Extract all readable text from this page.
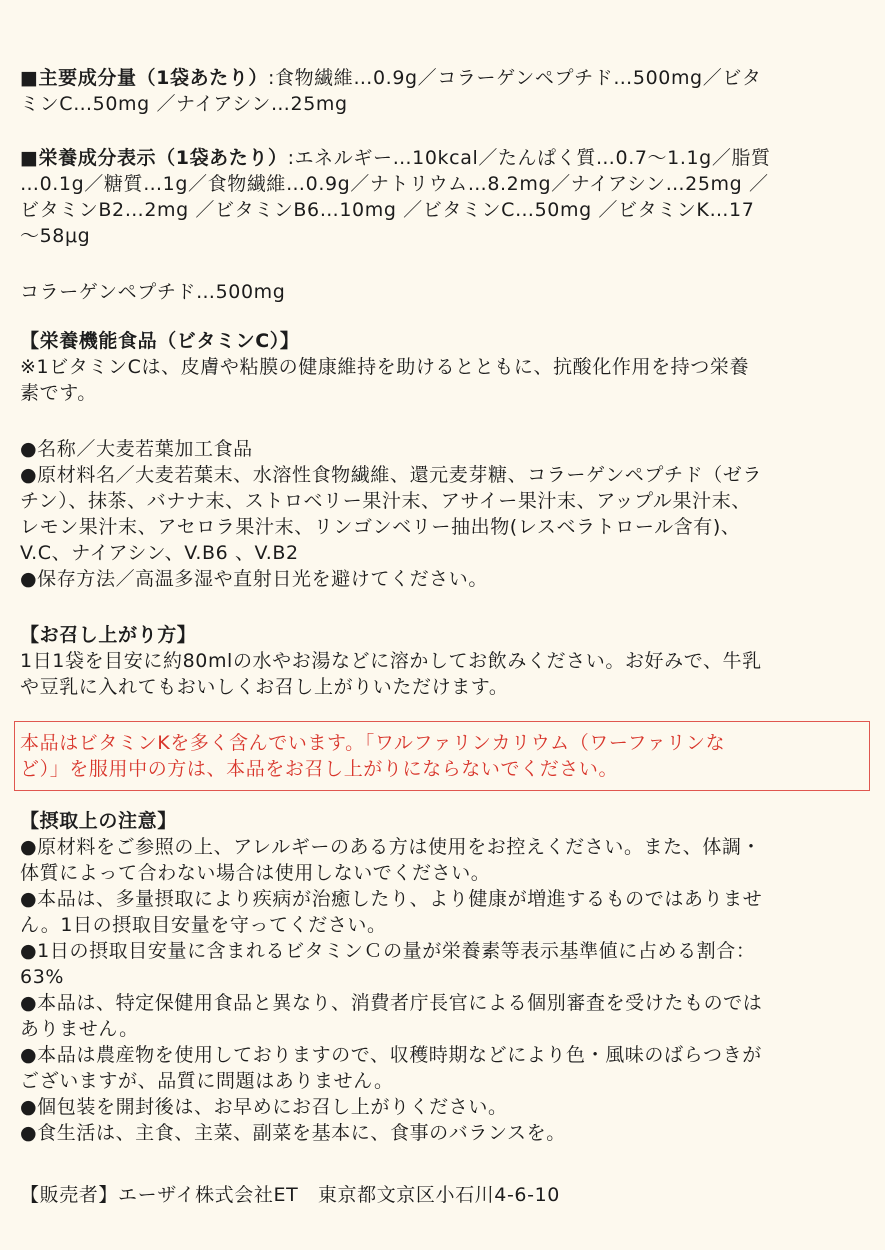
■主要成分量（1袋あたり）:食物繊維…0.9g／コラーゲンペプチド…500mg／ビタ

ミンC…50mg ／ナイアシン…25mg

■栄養成分表示（1袋あたり）:エネルギー…10kcal／たんぱく質…0.7～1.1g／脂質

…0.1g／糖質…1g／食物繊維…0.9g／ナトリウム…8.2mg／ナイアシン…25mg ／

ビタミンB2…2mg ／ビタミンB6…10mg ／ビタミンC…50mg ／ビタミンK…17

～58μg

コラーゲンペプチド…500mg

【栄養機能食品（ビタミンC）】

※1ビタミンCは、皮膚や粘膜の健康維持を助けるとともに、抗酸化作用を持つ栄養

素です。

●名称／大麦若葉加工食品

●原材料名／大麦若葉末、水溶性食物繊維、還元麦芽糖、コラーゲンペプチド（ゼラ

チン）、抹茶、バナナ末、ストロベリー果汁末、アサイー果汁末、アップル果汁末、

レモン果汁末、アセロラ果汁末、リンゴンベリー抽出物(レスベラトロール含有)、

V.C、ナイアシン、V.B6 、V.B2

●保存方法／高温多湿や直射日光を避けてください。

【お召し上がり方】

1日1袋を目安に約80mlの水やお湯などに溶かしてお飲みください。お好みで、牛乳

や豆乳に入れてもおいしくお召し上がりいただけます。

本品はビタミンKを多く含んでいます。「ワルファリンカリウム（ワーファリンな

ど）」を服用中の方は、本品をお召し上がりにならないでください。

【摂取上の注意】

●原材料をご参照の上、アレルギーのある方は使用をお控えください。また、体調・

体質によって合わない場合は使用しないでください。

●本品は、多量摂取により疾病が治癒したり、より健康が増進するものではありませ

ん。1日の摂取目安量を守ってください。

●1日の摂取目安量に含まれるビタミンＣの量が栄養素等表示基準値に占める割合：

63%

●本品は、特定保健用食品と異なり、消費者庁長官による個別審査を受けたものでは

ありません。

●本品は農産物を使用しておりますので、収穫時期などにより色・風味のばらつきが

ございますが、品質に問題はありません。

●個包装を開封後は、お早めにお召し上がりください。

●食生活は、主食、主菜、副菜を基本に、食事のバランスを。

【販売者】エーザイ株式会社ET　東京都文京区小石川4-6-10
